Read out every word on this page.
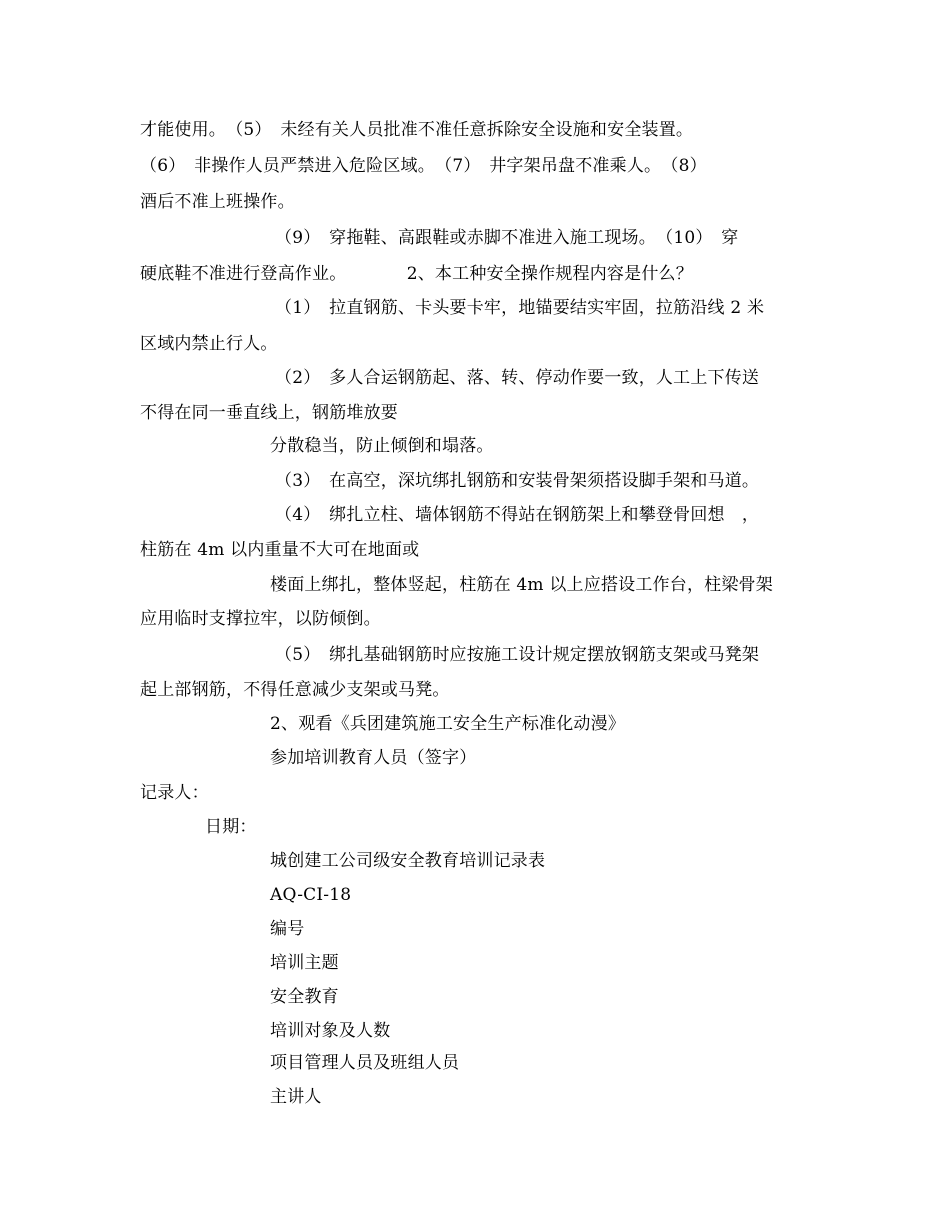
才能使用。　（5）　未经有关人员批准不准任意拆除安全设施和安全装置。
（6）　非操作人员严禁进入危险区域。　（7）　井字架吊盘不准乘人。　（8）
酒后不准上班操作。
（9）　穿拖鞋、高跟鞋或赤脚不准进入施工现场。　（10）　穿
硬底鞋不准进行登高作业。　　　　2、本工种安全操作规程内容是什么？
（1）　拉直钢筋、卡头要卡牢，地锚要结实牢固，拉筋沿线 2 米
区域内禁止行人。
（2）　多人合运钢筋起、落、转、停动作要一致，人工上下传送
不得在同一垂直线上，钢筋堆放要
分散稳当，防止倾倒和塌落。
（3）　在高空，深坑绑扎钢筋和安装骨架须搭设脚手架和马道。
（4）　绑扎立柱、墙体钢筋不得站在钢筋架上和攀登骨回想　，
柱筋在 4m 以内重量不大可在地面或
楼面上绑扎，整体竖起，柱筋在 4m 以上应搭设工作台，柱梁骨架
应用临时支撑拉牢，以防倾倒。
（5）　绑扎基础钢筋时应按施工设计规定摆放钢筋支架或马凳架
起上部钢筋，不得任意减少支架或马凳。
2、观看《兵团建筑施工安全生产标准化动漫》
参加培训教育人员（签字）
记录人：
日期：
城创建工公司级安全教育培训记录表
AQ-CI-18
编号
培训主题
安全教育
培训对象及人数
项目管理人员及班组人员
主讲人
